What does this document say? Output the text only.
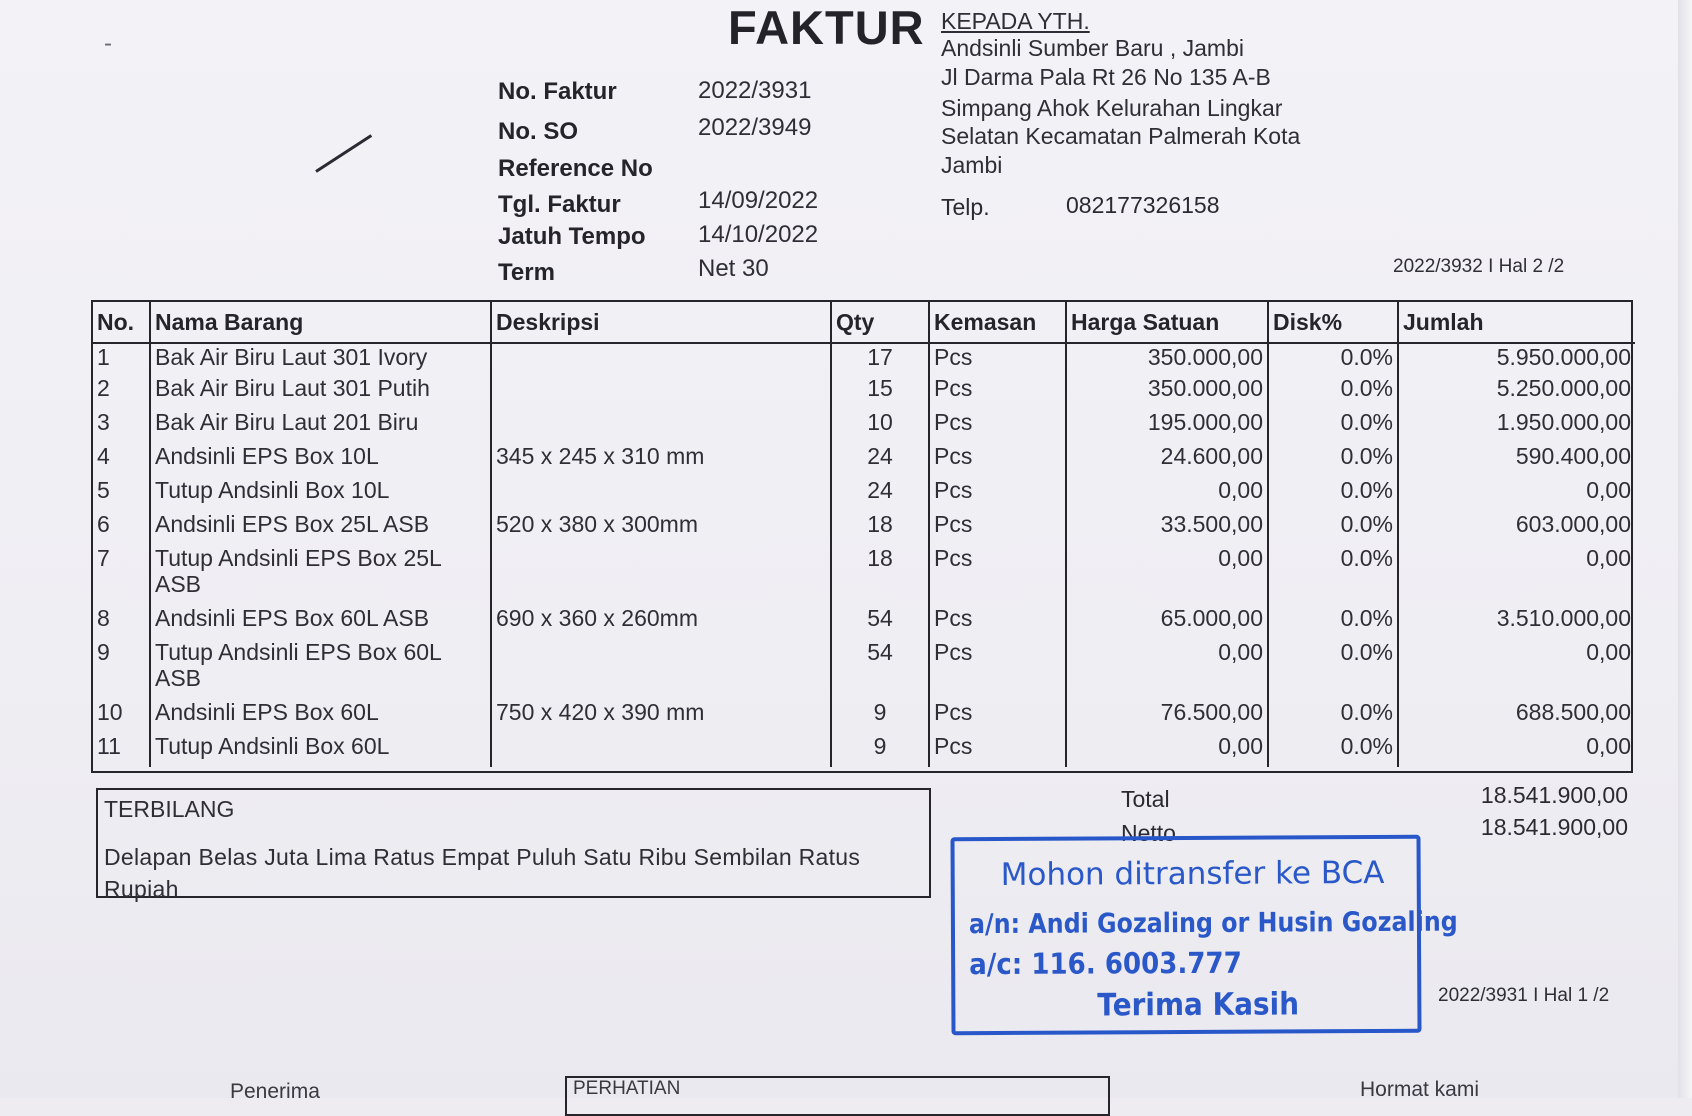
-	FAKTUR KEPADA YTH.
Andsinli Sumber Baru , Jambi
Jl Darma Pala Rt 26 No 135 A-B
Simpang Ahok Kelurahan Lingkar
Selatan Kecamatan Palmerah Kota
Jambi
Telp.	082177326158
No. Faktur	2022/3931
No. SO	2022/3949
Reference No
Tgl. Faktur	14/09/2022
Jatuh Tempo 14/10/2022
Term	Net 30	2022/3932 I Hal 2 /2
No.	Nama Barang	Deskripsi	Qty	Kemasan	Harga Satuan	Disk%	Jumlah
1	Bak Air Biru Laut 301 Ivory		17	Pcs	350.000,00	0.0%	5.950.000,00
2	Bak Air Biru Laut 301 Putih		15	Pcs	350.000,00	0.0%	5.250.000,00
3	Bak Air Biru Laut 201 Biru		10	Pcs	195.000,00	0.0%	1.950.000,00
4	Andsinli EPS Box 10L	345 x 245 x 310 mm	24	Pcs	24.600,00	0.0%	590.400,00
5	Tutup Andsinli Box 10L		24	Pcs	0,00	0.0%	0,00
6	Andsinli EPS Box 25L ASB	520 x 380 x 300mm	18	Pcs	33.500,00	0.0%	603.000,00
7	Tutup Andsinli EPS Box 25L ASB		18	Pcs	0,00	0.0%	0,00
8	Andsinli EPS Box 60L ASB	690 x 360 x 260mm	54	Pcs	65.000,00	0.0%	3.510.000,00
9	Tutup Andsinli EPS Box 60L ASB		54	Pcs	0,00	0.0%	0,00
10	Andsinli EPS Box 60L	750 x 420 x 390 mm	9	Pcs	76.500,00	0.0%	688.500,00
11	Tutup Andsinli Box 60L		9	Pcs	0,00	0.0%	0,00
TERBILANG
Delapan Belas Juta Lima Ratus Empat Puluh Satu Ribu Sembilan Ratus Rupiah
Total	18.541.900,00
Netto	18.541.900,00
Mohon ditransfer ke BCA
a/n: Andi Gozaling or Husin Gozaling
a/c: 116. 6003.777
Terima Kasih	2022/3931 I Hal 1 /2
Penerima	PERHATIAN	Hormat kami
